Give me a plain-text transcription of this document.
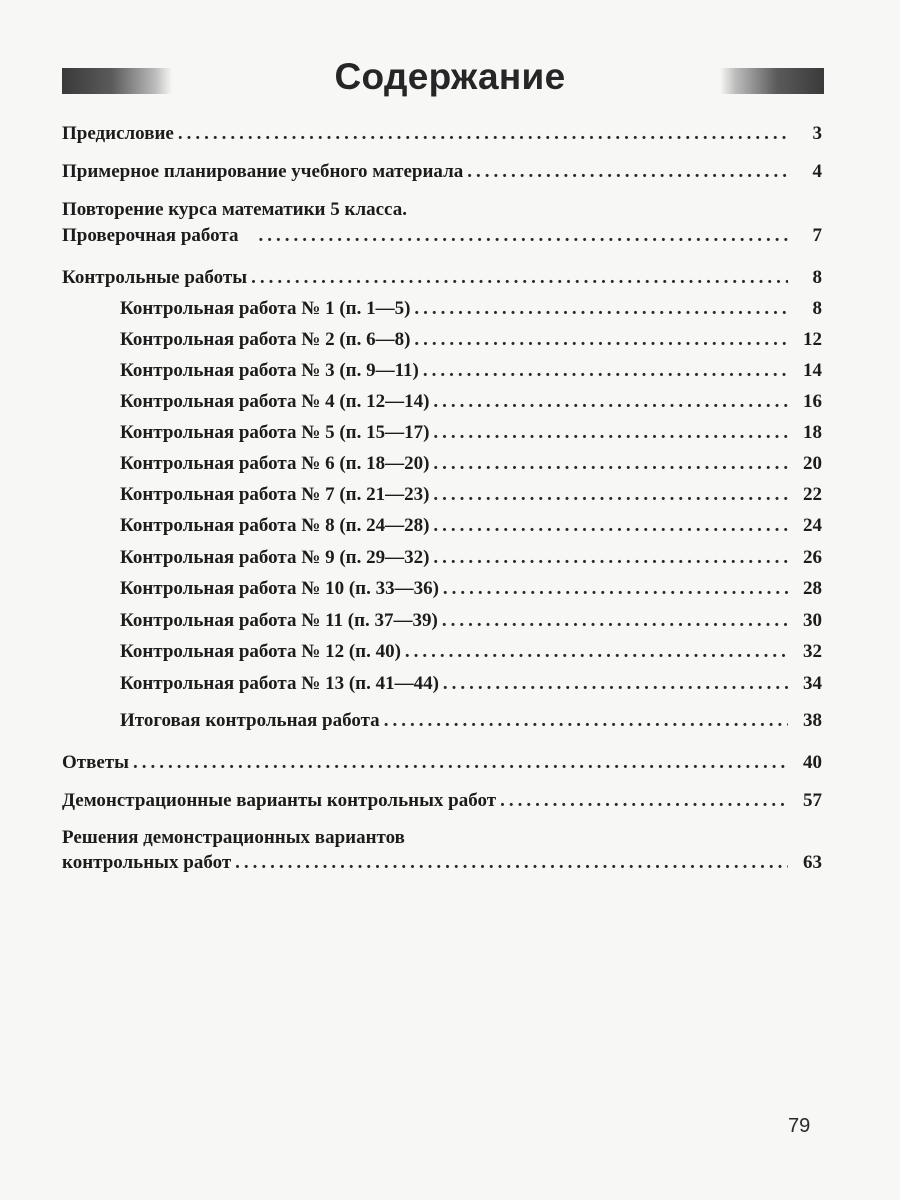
Содержание
Предисловие .....	3
Примерное планирование учебного материала .....	4
Повторение курса математики 5 класса.
Проверочная работа .....	7
Контрольные работы .....	8
Контрольная работа № 1 (п. 1—5) .....	8
Контрольная работа № 2 (п. 6—8) .....	12
Контрольная работа № 3 (п. 9—11) .....	14
Контрольная работа № 4 (п. 12—14) .....	16
Контрольная работа № 5 (п. 15—17) .....	18
Контрольная работа № 6 (п. 18—20) .....	20
Контрольная работа № 7 (п. 21—23) .....	22
Контрольная работа № 8 (п. 24—28) .....	24
Контрольная работа № 9 (п. 29—32) .....	26
Контрольная работа № 10 (п. 33—36) .....	28
Контрольная работа № 11 (п. 37—39) .....	30
Контрольная работа № 12 (п. 40) .....	32
Контрольная работа № 13 (п. 41—44) .....	34
Итоговая контрольная работа .....	38
Ответы .....	40
Демонстрационные варианты контрольных работ .....	57
Решения демонстрационных вариантов
контрольных работ .....	63
79
